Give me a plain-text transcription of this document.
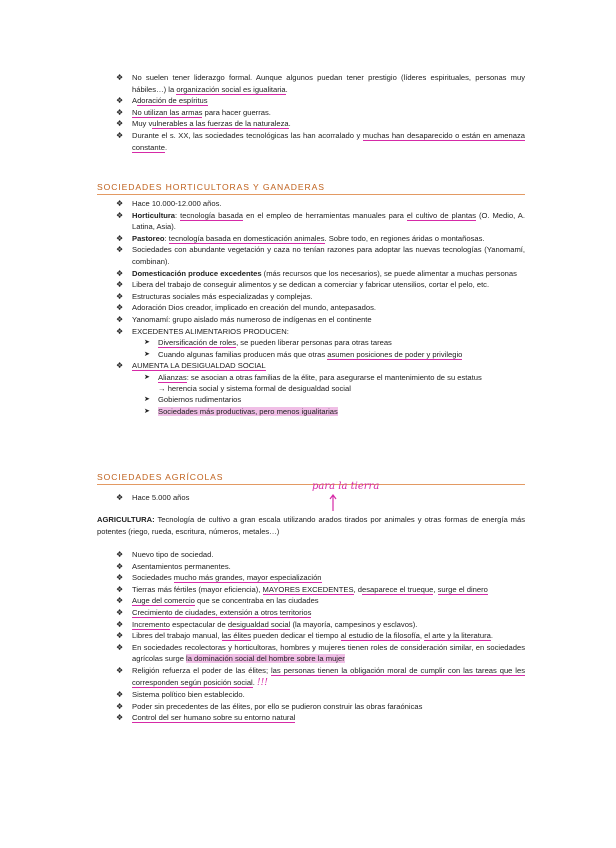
❖	No suelen tener liderazgo formal. Aunque algunos puedan tener prestigio (líderes espirituales, personas muy hábiles…) la organización social es igualitaria.
❖	Adoración de espíritus
❖	No utilizan las armas para hacer guerras.
❖	Muy vulnerables a las fuerzas de la naturaleza.
❖	Durante el s. XX, las sociedades tecnológicas las han acorralado y muchas han desaparecido o están en amenaza constante.
SOCIEDADES HORTICULTORAS Y GANADERAS
❖	Hace 10.000-12.000 años.
❖	Horticultura: tecnología basada en el empleo de herramientas manuales para el cultivo de plantas (O. Medio, A. Latina, Asia).
❖	Pastoreo: tecnología basada en domesticación animales. Sobre todo, en regiones áridas o montañosas.
❖	Sociedades con abundante vegetación y caza no tenían razones para adoptar las nuevas tecnologías (Yanomamí, combinan).
❖	Domesticación produce excedentes (más recursos que los necesarios), se puede alimentar a muchas personas
❖	Libera del trabajo de conseguir alimentos y se dedican a comerciar y fabricar utensilios, cortar el pelo, etc.
❖	Estructuras sociales más especializadas y complejas.
❖	Adoración Dios creador, implicado en creación del mundo, antepasados.
❖	Yanomamí: grupo aislado más numeroso de indígenas en el continente
❖	EXCEDENTES ALIMENTARIOS PRODUCEN:
➤ Diversificación de roles, se pueden liberar personas para otras tareas
➤ Cuando algunas familias producen más que otras asumen posiciones de poder y privilegio
❖	AUMENTA LA DESIGUALDAD SOCIAL
➤ Alianzas: se asocian a otras familias de la élite, para asegurarse el mantenimiento de su estatus
→ herencia social y sistema formal de desigualdad social
➤ Gobiernos rudimentarios
➤ Sociedades más productivas, pero menos igualitarias
SOCIEDADES AGRÍCOLAS
❖	Hace 5.000 años
para la tierra
AGRICULTURA: Tecnología de cultivo a gran escala utilizando arados tirados por animales y otras formas de energía más potentes (riego, rueda, escritura, números, metales…)
❖	Nuevo tipo de sociedad.
❖	Asentamientos permanentes.
❖	Sociedades mucho más grandes, mayor especialización
❖	Tierras más fértiles (mayor eficiencia), MAYORES EXCEDENTES, desaparece el trueque, surge el dinero
❖	Auge del comercio que se concentraba en las ciudades
❖	Crecimiento de ciudades, extensión a otros territorios
❖	Incremento espectacular de desigualdad social (la mayoría, campesinos y esclavos).
❖	Libres del trabajo manual, las élites pueden dedicar el tiempo al estudio de la filosofía, el arte y la literatura.
❖	En sociedades recolectoras y horticultoras, hombres y mujeres tienen roles de consideración similar, en sociedades agrícolas surge la dominación social del hombre sobre la mujer
❖	Religión refuerza el poder de las élites; las personas tienen la obligación moral de cumplir con las tareas que les corresponden según posición social. !!!
❖	Sistema político bien establecido.
❖	Poder sin precedentes de las élites, por ello se pudieron construir las obras faraónicas
❖	Control del ser humano sobre su entorno natural
